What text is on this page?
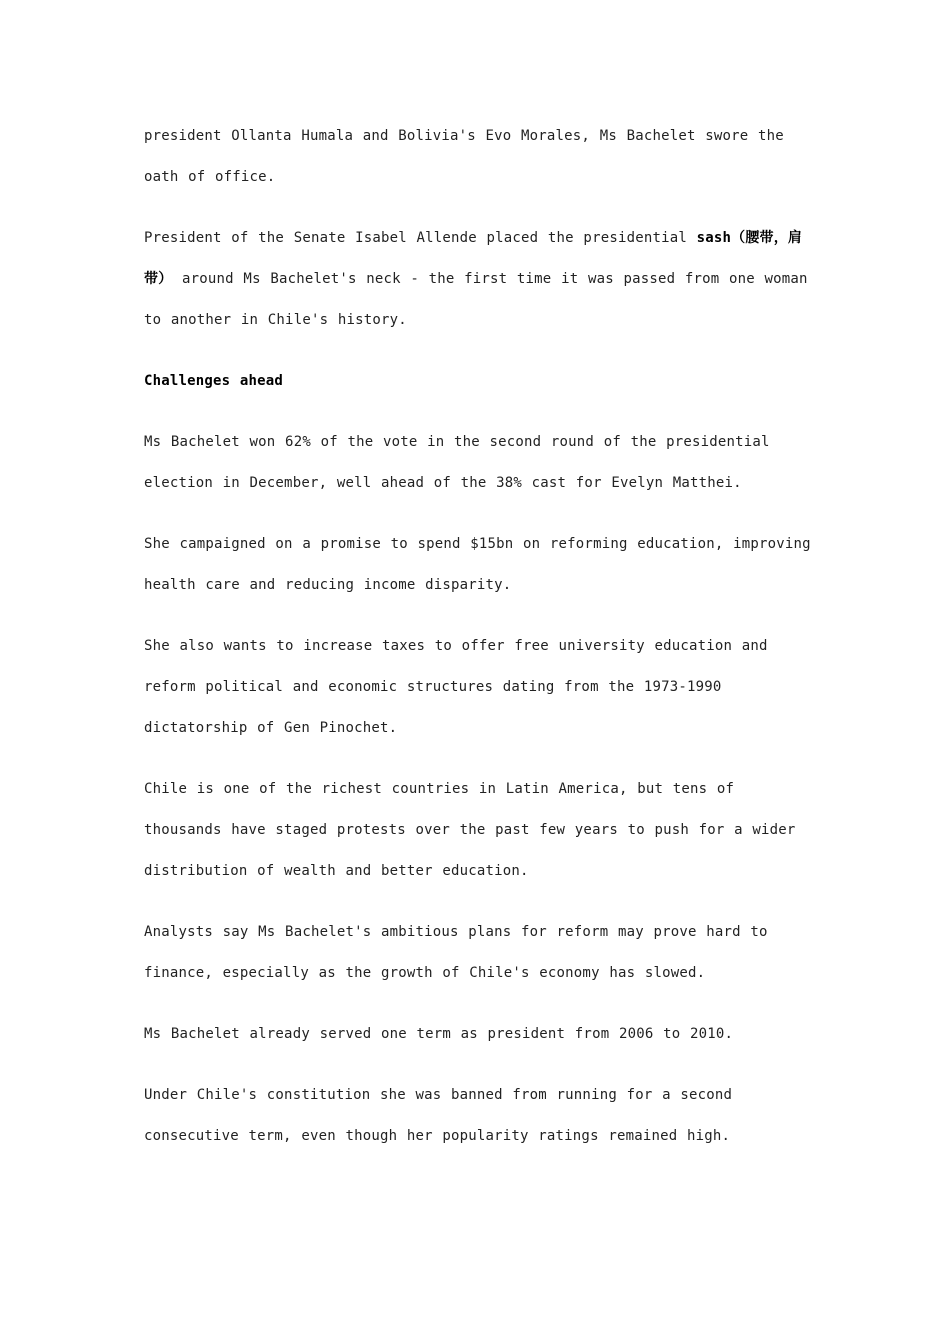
president Ollanta Humala and Bolivia's Evo Morales, Ms Bachelet swore the oath of office.

President of the Senate Isabel Allende placed the presidential sash（腰带，肩带） around Ms Bachelet's neck - the first time it was passed from one woman to another in Chile's history.

Challenges ahead

Ms Bachelet won 62% of the vote in the second round of the presidential election in December, well ahead of the 38% cast for Evelyn Matthei.

She campaigned on a promise to spend $15bn on reforming education, improving health care and reducing income disparity.

She also wants to increase taxes to offer free university education and reform political and economic structures dating from the 1973-1990 dictatorship of Gen Pinochet.

Chile is one of the richest countries in Latin America, but tens of thousands have staged protests over the past few years to push for a wider distribution of wealth and better education.

Analysts say Ms Bachelet's ambitious plans for reform may prove hard to finance, especially as the growth of Chile's economy has slowed.

Ms Bachelet already served one term as president from 2006 to 2010.

Under Chile's constitution she was banned from running for a second consecutive term, even though her popularity ratings remained high.
